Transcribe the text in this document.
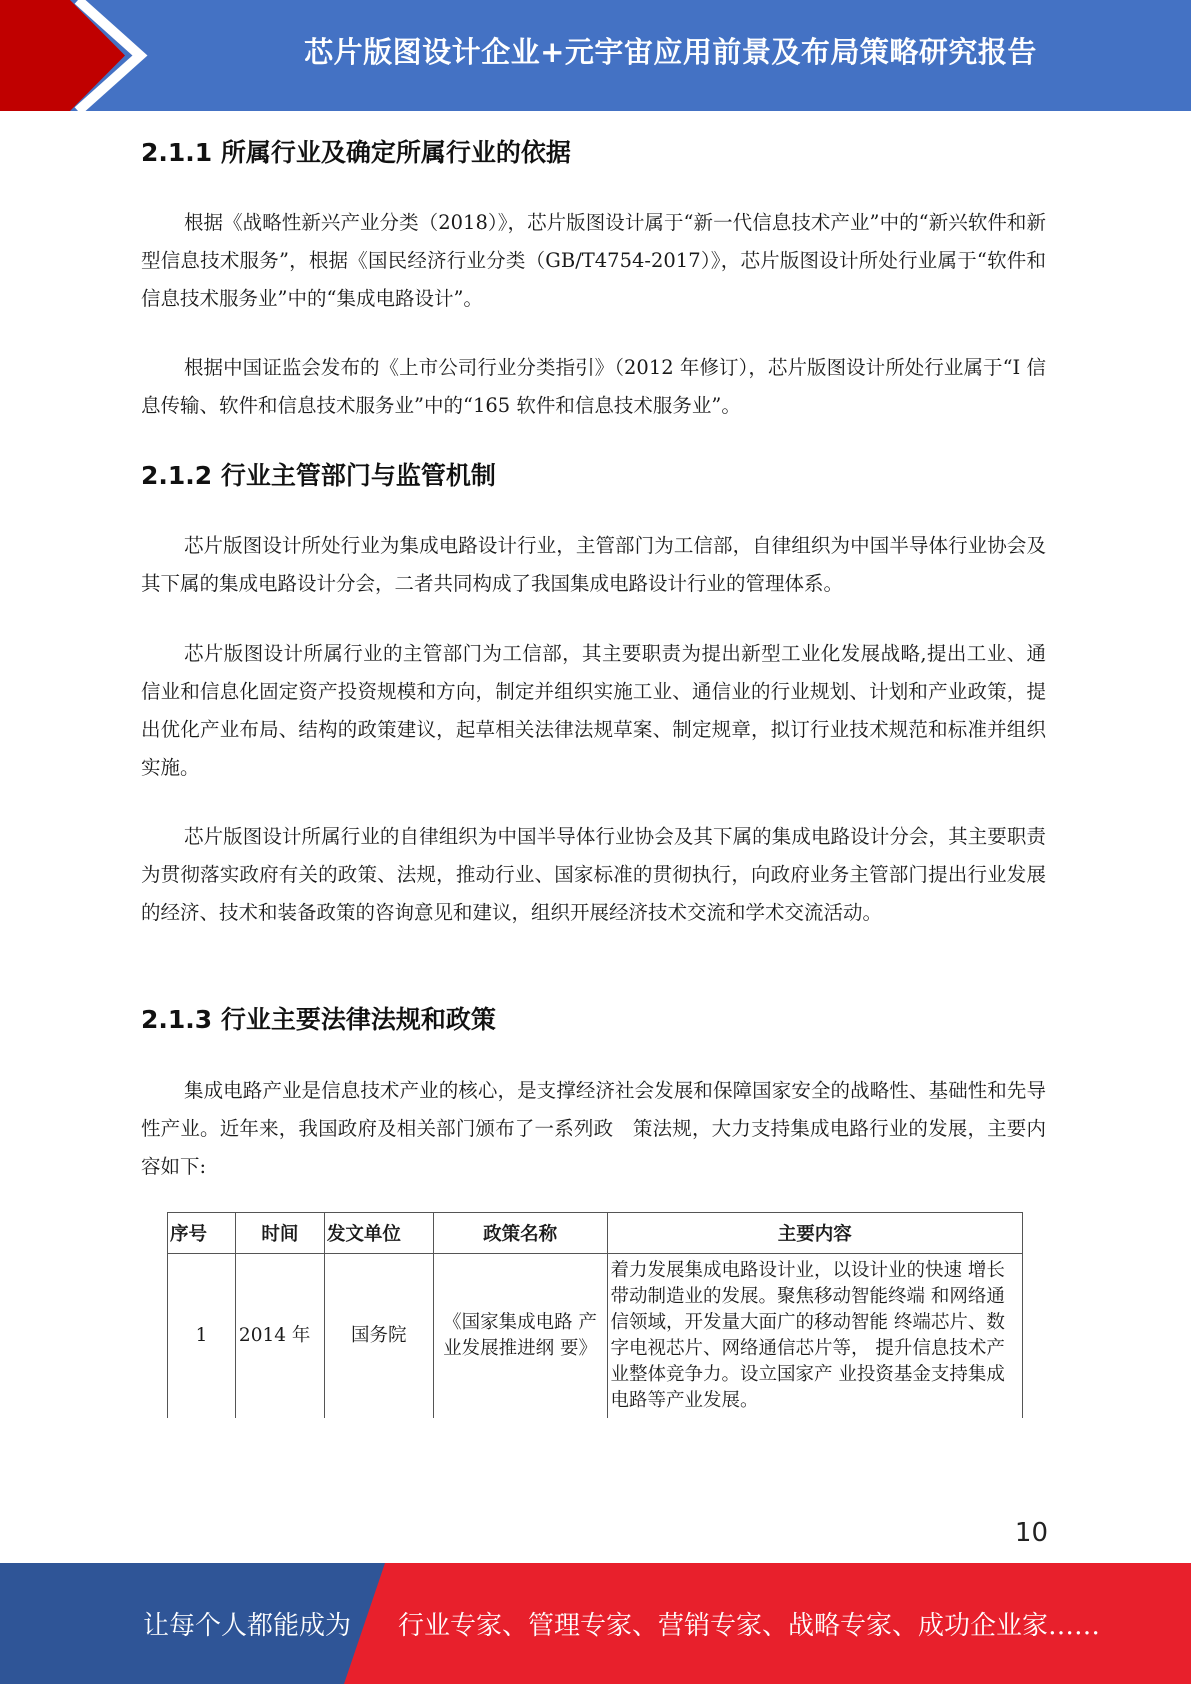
芯片版图设计企业+元宇宙应用前景及布局策略研究报告
2.1.1 所属行业及确定所属行业的依据
根据《战略性新兴产业分类（2018）》，芯片版图设计属于“新一代信息技术产业”中的“新兴软件和新型信息技术服务”，根据《国民经济行业分类（GB/T4754-2017）》，芯片版图设计所处行业属于“软件和信息技术服务业”中的“集成电路设计”。
根据中国证监会发布的《上市公司行业分类指引》（2012 年修订），芯片版图设计所处行业属于“I 信息传输、软件和信息技术服务业”中的“165 软件和信息技术服务业”。
2.1.2 行业主管部门与监管机制
芯片版图设计所处行业为集成电路设计行业，主管部门为工信部，自律组织为中国半导体行业协会及其下属的集成电路设计分会，二者共同构成了我国集成电路设计行业的管理体系。
芯片版图设计所属行业的主管部门为工信部，其主要职责为提出新型工业化发展战略,提出工业、通信业和信息化固定资产投资规模和方向，制定并组织实施工业、通信业的行业规划、计划和产业政策，提出优化产业布局、结构的政策建议，起草相关法律法规草案、制定规章，拟订行业技术规范和标准并组织实施。
芯片版图设计所属行业的自律组织为中国半导体行业协会及其下属的集成电路设计分会，其主要职责为贯彻落实政府有关的政策、法规，推动行业、国家标准的贯彻执行，向政府业务主管部门提出行业发展的经济、技术和装备政策的咨询意见和建议，组织开展经济技术交流和学术交流活动。
2.1.3 行业主要法律法规和政策
集成电路产业是信息技术产业的核心，是支撑经济社会发展和保障国家安全的战略性、基础性和先导性产业。近年来，我国政府及相关部门颁布了一系列政　策法规，大力支持集成电路行业的发展，主要内容如下:
序号	时间	发文单位	政策名称	主要内容
1	2014 年	国务院	《国家集成电路 产业发展推进纲 要》	着力发展集成电路设计业，以设计业的快速 增长带动制造业的发展。聚焦移动智能终端 和网络通信领域，开发量大面广的移动智能 终端芯片、数字电视芯片、网络通信芯片等， 提升信息技术产业整体竞争力。设立国家产 业投资基金支持集成电路等产业发展。
10
让每个人都能成为 行业专家、管理专家、营销专家、战略专家、成功企业家……
